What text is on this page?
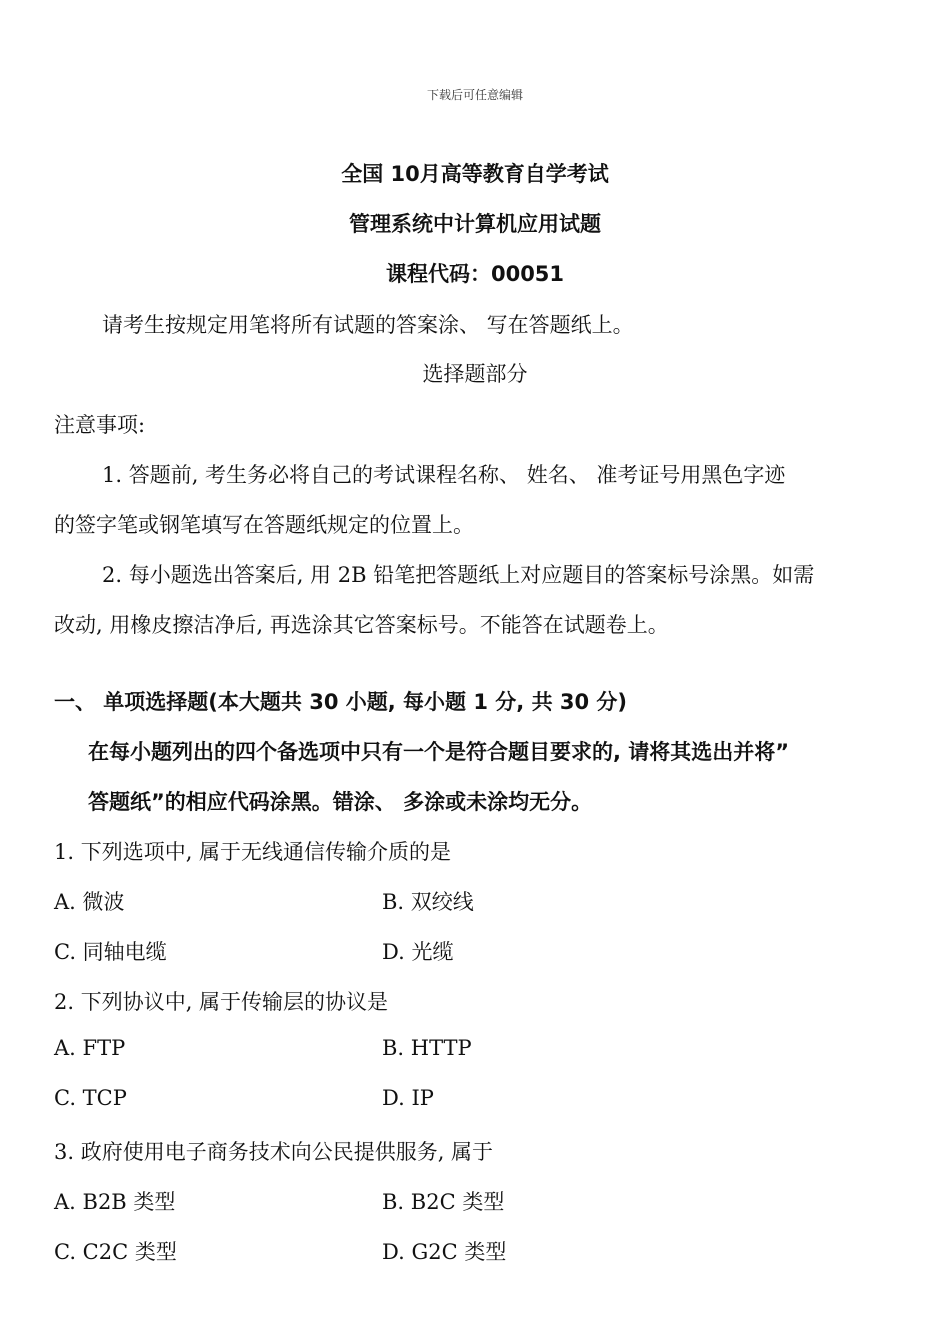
下载后可任意编辑
全国 10月高等教育自学考试
管理系统中计算机应用试题
课程代码：00051
请考生按规定用笔将所有试题的答案涂、 写在答题纸上。
选择题部分
注意事项:
1. 答题前, 考生务必将自己的考试课程名称、 姓名、 准考证号用黑色字迹
的签字笔或钢笔填写在答题纸规定的位置上。
2. 每小题选出答案后, 用 2B 铅笔把答题纸上对应题目的答案标号涂黑。如需
改动, 用橡皮擦洁净后, 再选涂其它答案标号。不能答在试题卷上。
一、 单项选择题(本大题共 30 小题, 每小题 1 分, 共 30 分)
在每小题列出的四个备选项中只有一个是符合题目要求的, 请将其选出并将”
答题纸”的相应代码涂黑。错涂、 多涂或未涂均无分。
1. 下列选项中, 属于无线通信传输介质的是
A. 微波	B. 双绞线
C. 同轴电缆	D. 光缆
2. 下列协议中, 属于传输层的协议是
A. FTP	B. HTTP
C. TCP	D. IP
3. 政府使用电子商务技术向公民提供服务, 属于
A. B2B 类型	B. B2C 类型
C. C2C 类型	D. G2C 类型
